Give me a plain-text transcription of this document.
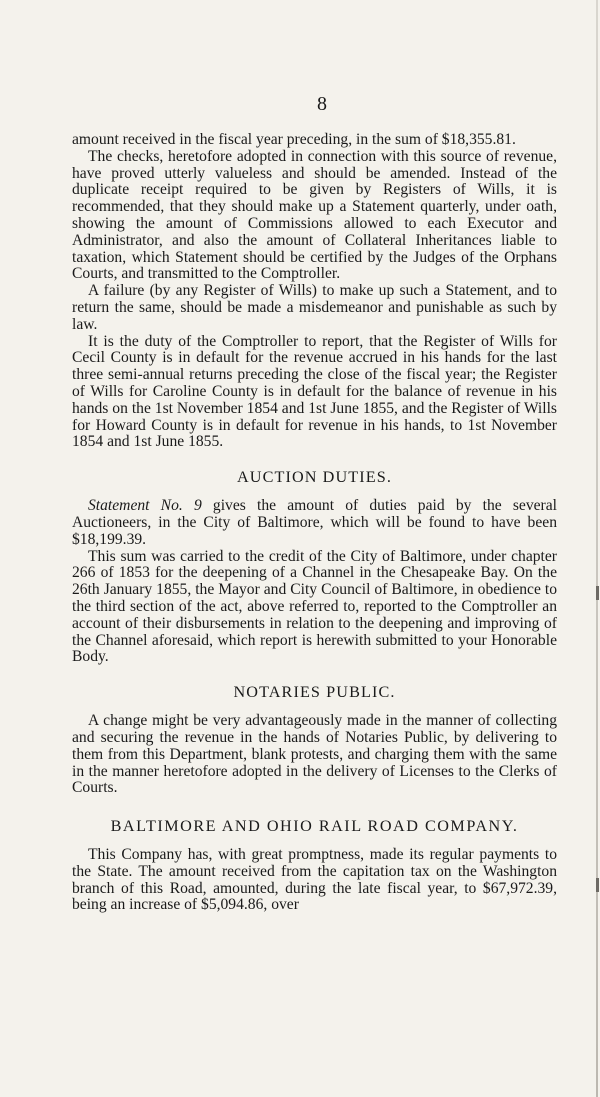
8

amount received in the fiscal year preceding, in the sum of $18,355.81.

The checks, heretofore adopted in connection with this source of revenue, have proved utterly valueless and should be amended. Instead of the duplicate receipt required to be given by Registers of Wills, it is recommended, that they should make up a Statement quarterly, under oath, showing the amount of Commissions allowed to each Executor and Administrator, and also the amount of Collateral Inheritances liable to taxation, which Statement should be certified by the Judges of the Orphans Courts, and transmitted to the Comptroller.

A failure (by any Register of Wills) to make up such a Statement, and to return the same, should be made a misdemeanor and punishable as such by law.

It is the duty of the Comptroller to report, that the Register of Wills for Cecil County is in default for the revenue accrued in his hands for the last three semi-annual returns preceding the close of the fiscal year; the Register of Wills for Caroline County is in default for the balance of revenue in his hands on the 1st November 1854 and 1st June 1855, and the Register of Wills for Howard County is in default for revenue in his hands, to 1st November 1854 and 1st June 1855.

AUCTION DUTIES.

Statement No. 9 gives the amount of duties paid by the several Auctioneers, in the City of Baltimore, which will be found to have been $18,199.39.

This sum was carried to the credit of the City of Baltimore, under chapter 266 of 1853 for the deepening of a Channel in the Chesapeake Bay. On the 26th January 1855, the Mayor and City Council of Baltimore, in obedience to the third section of the act, above referred to, reported to the Comptroller an account of their disbursements in relation to the deepening and improving of the Channel aforesaid, which report is herewith submitted to your Honorable Body.

NOTARIES PUBLIC.

A change might be very advantageously made in the manner of collecting and securing the revenue in the hands of Notaries Public, by delivering to them from this Department, blank protests, and charging them with the same in the manner heretofore adopted in the delivery of Licenses to the Clerks of Courts.

BALTIMORE AND OHIO RAIL ROAD COMPANY.

This Company has, with great promptness, made its regular payments to the State. The amount received from the capitation tax on the Washington branch of this Road, amounted, during the late fiscal year, to $67,972.39, being an increase of $5,094.86, over
